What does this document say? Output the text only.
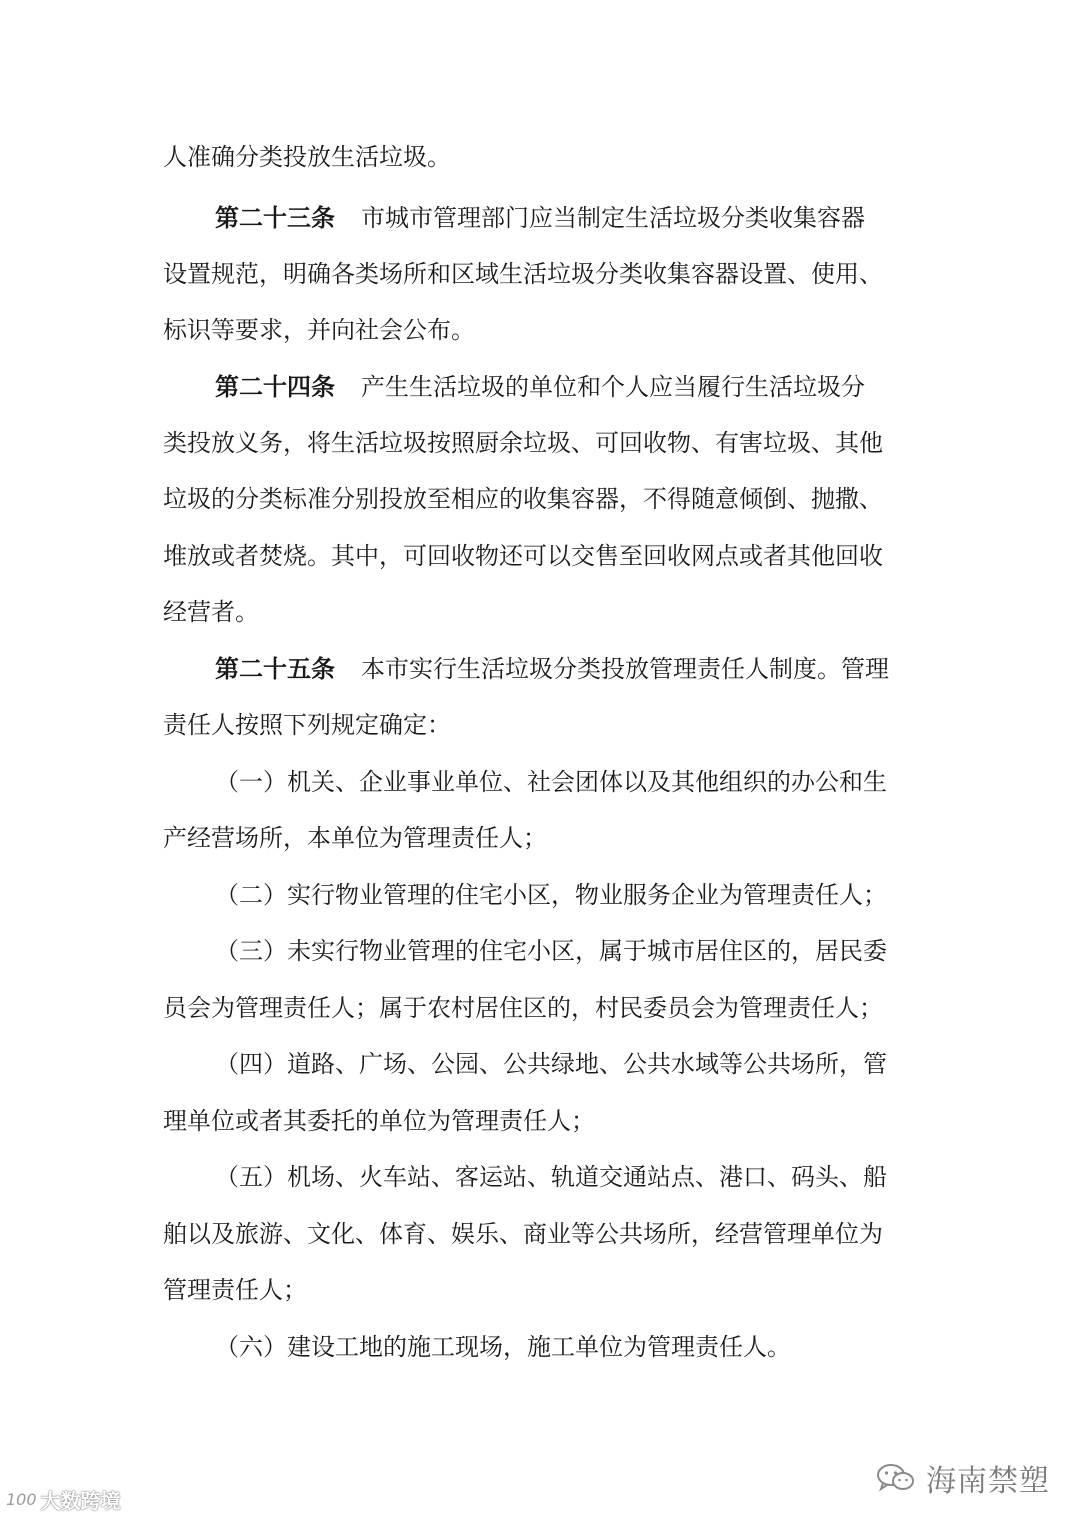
人准确分类投放生活垃圾。
第二十三条 市城市管理部门应当制定生活垃圾分类收集容器
设置规范，明确各类场所和区域生活垃圾分类收集容器设置、使用、
标识等要求，并向社会公布。
第二十四条 产生生活垃圾的单位和个人应当履行生活垃圾分
类投放义务，将生活垃圾按照厨余垃圾、可回收物、有害垃圾、其他
垃圾的分类标准分别投放至相应的收集容器，不得随意倾倒、抛撒、
堆放或者焚烧。其中，可回收物还可以交售至回收网点或者其他回收
经营者。
第二十五条 本市实行生活垃圾分类投放管理责任人制度。管理
责任人按照下列规定确定：
（一）机关、企业事业单位、社会团体以及其他组织的办公和生
产经营场所，本单位为管理责任人；
（二）实行物业管理的住宅小区，物业服务企业为管理责任人；
（三）未实行物业管理的住宅小区，属于城市居住区的，居民委
员会为管理责任人；属于农村居住区的，村民委员会为管理责任人；
（四）道路、广场、公园、公共绿地、公共水域等公共场所，管
理单位或者其委托的单位为管理责任人；
（五）机场、火车站、客运站、轨道交通站点、港口、码头、船
舶以及旅游、文化、体育、娱乐、商业等公共场所，经营管理单位为
管理责任人；
（六）建设工地的施工现场，施工单位为管理责任人。
100 大数跨境
海南禁塑
